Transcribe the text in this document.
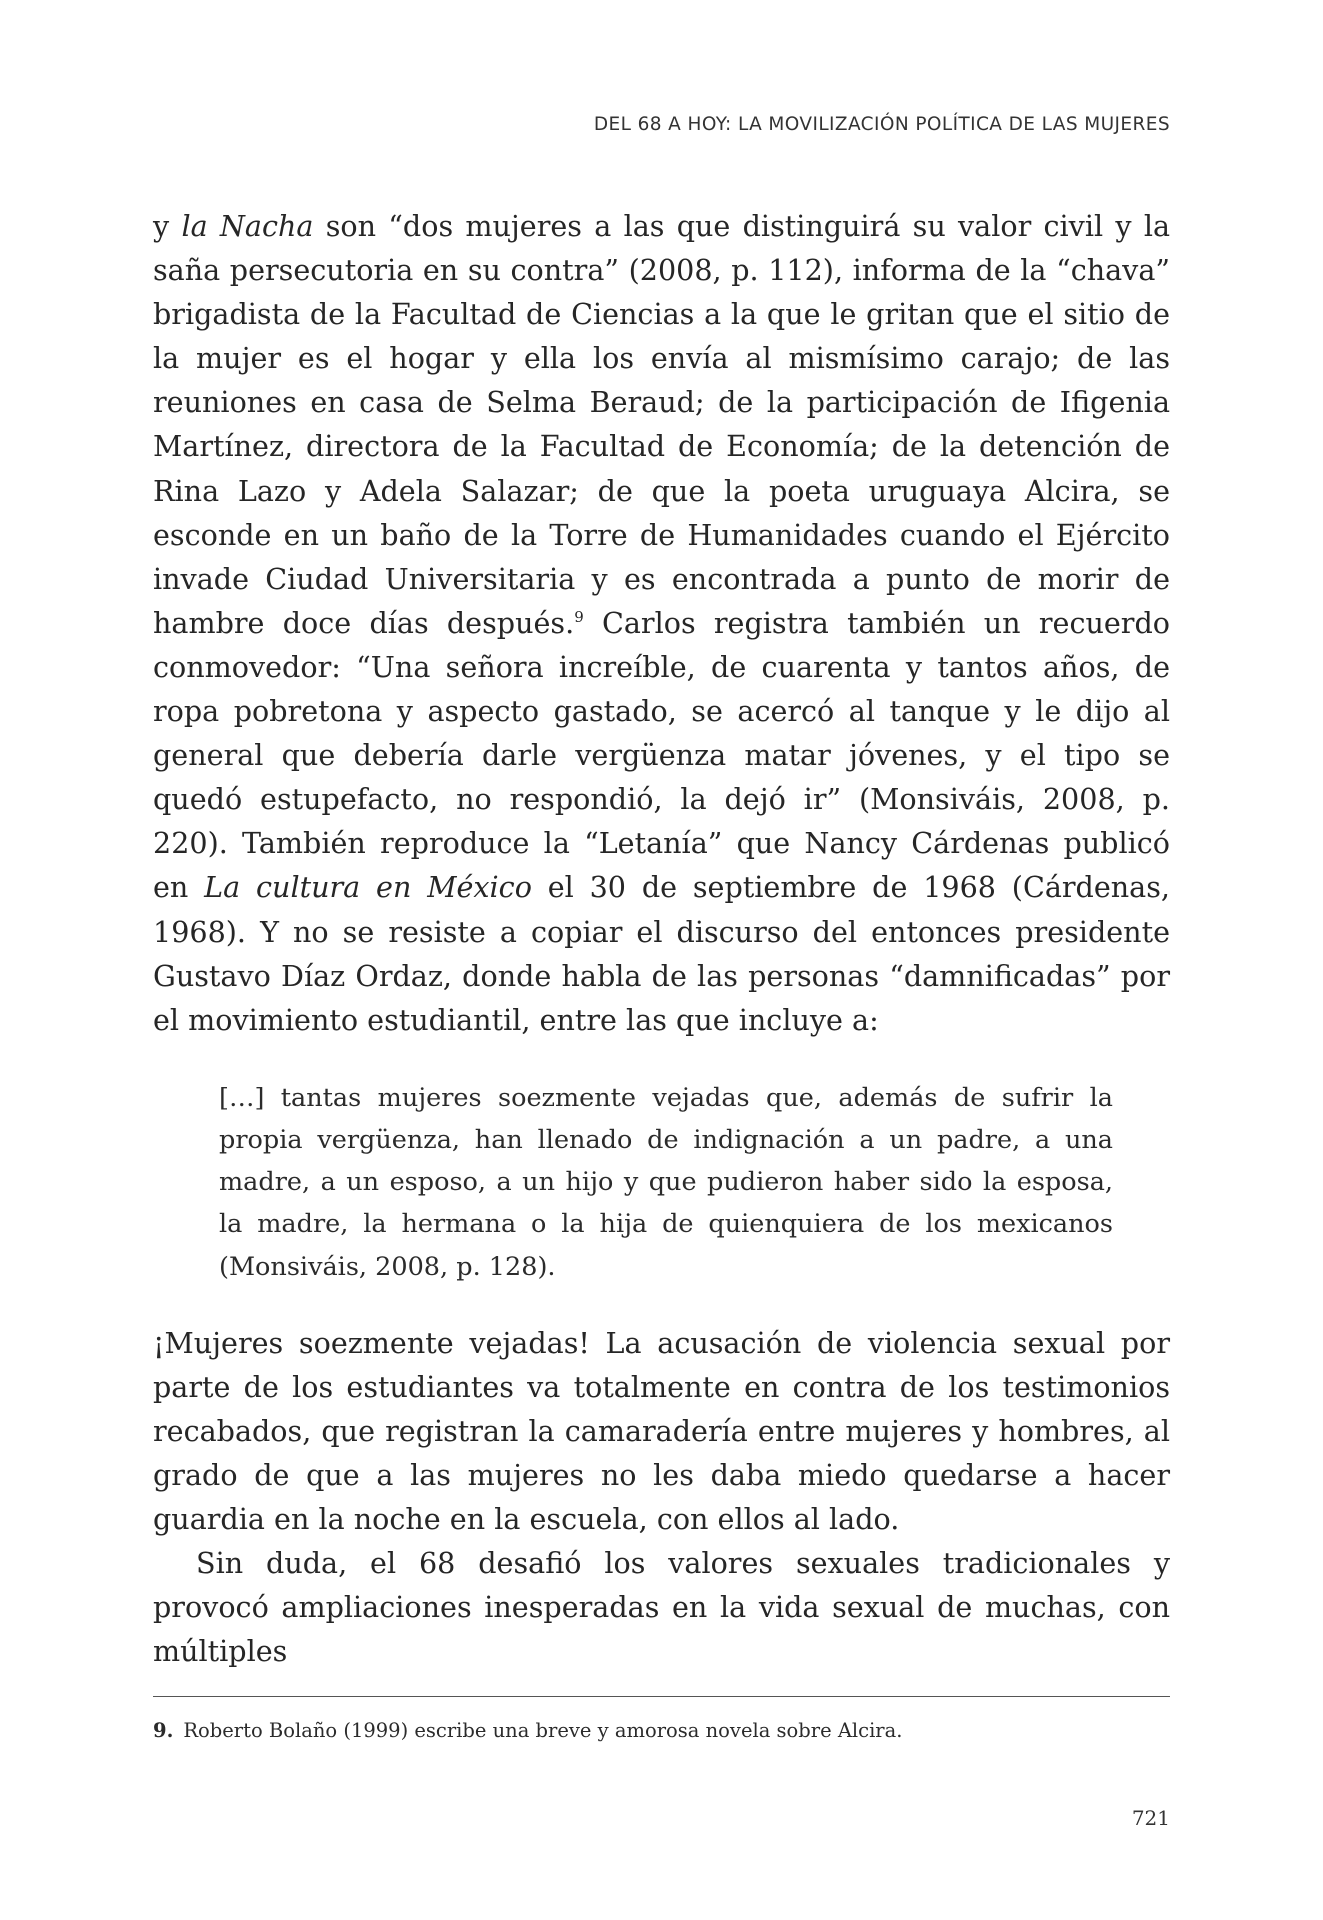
DEL 68 A HOY: LA MOVILIZACIÓN POLÍTICA DE LAS MUJERES

y la Nacha son “dos mujeres a las que distinguirá su valor civil y la saña persecutoria en su contra” (2008, p. 112), informa de la “chava” brigadista de la Facultad de Ciencias a la que le gritan que el sitio de la mujer es el hogar y ella los envía al mismísimo carajo; de las reuniones en casa de Selma Beraud; de la participación de Ifigenia Martínez, directora de la Facultad de Economía; de la detención de Rina Lazo y Adela Salazar; de que la poeta uruguaya Alcira, se esconde en un baño de la Torre de Humanidades cuando el Ejército invade Ciudad Universitaria y es encontrada a punto de morir de hambre doce días después.$^9$ Carlos registra también un recuerdo conmovedor: “Una señora increíble, de cuarenta y tantos años, de ropa pobretona y aspecto gastado, se acercó al tanque y le dijo al general que debería darle vergüenza matar jóvenes, y el tipo se quedó estupefacto, no respondió, la dejó ir” (Monsiváis, 2008, p. 220). También reproduce la “Letanía” que Nancy Cárdenas publicó en La cultura en México el 30 de septiembre de 1968 (Cárdenas, 1968). Y no se resiste a copiar el discurso del entonces presidente Gustavo Díaz Ordaz, donde habla de las personas “damnificadas” por el movimiento estudiantil, entre las que incluye a:

[…] tantas mujeres soezmente vejadas que, además de sufrir la propia vergüenza, han llenado de indignación a un padre, a una madre, a un esposo, a un hijo y que pudieron haber sido la esposa, la madre, la hermana o la hija de quienquiera de los mexicanos (Monsiváis, 2008, p. 128).

¡Mujeres soezmente vejadas! La acusación de violencia sexual por parte de los estudiantes va totalmente en contra de los testimonios recabados, que registran la camaradería entre mujeres y hombres, al grado de que a las mujeres no les daba miedo quedarse a hacer guardia en la noche en la escuela, con ellos al lado.

Sin duda, el 68 desafió los valores sexuales tradicionales y provocó ampliaciones inesperadas en la vida sexual de muchas, con múltiples

9. Roberto Bolaño (1999) escribe una breve y amorosa novela sobre Alcira.
721
